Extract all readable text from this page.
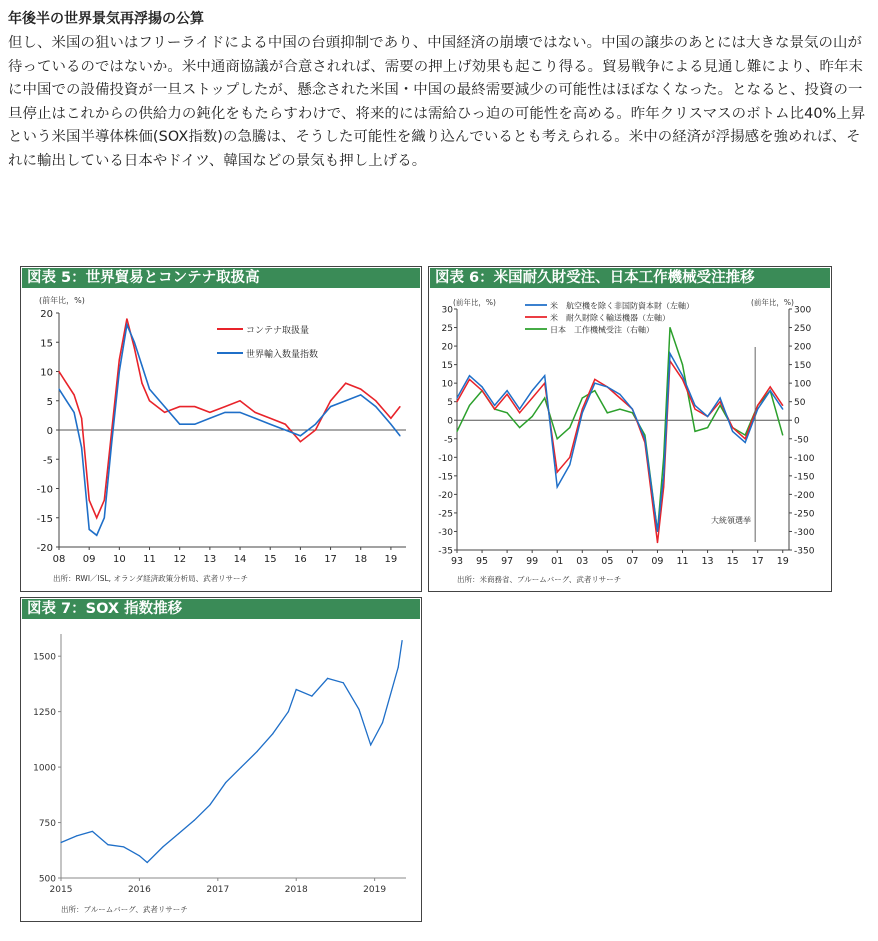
年後半の世界景気再浮揚の公算

但し、米国の狙いはフリーライドによる中国の台頭抑制であり、中国経済の崩壊ではない。中国の譲歩のあとには大きな景気の山が待っているのではないか。米中通商協議が合意されれば、需要の押上げ効果も起こり得る。貿易戦争による見通し難により、昨年末に中国での設備投資が一旦ストップしたが、懸念された米国・中国の最終需要減少の可能性はほぼなくなった。となると、投資の一旦停止はこれからの供給力の鈍化をもたらすわけで、将来的には需給ひっ迫の可能性を高める。昨年クリスマスのボトム比40%上昇という米国半導体株価(SOX指数)の急騰は、そうした可能性を織り込んでいるとも考えられる。米中の経済が浮揚感を強めれば、それに輸出している日本やドイツ、韓国などの景気も押し上げる。

図表 5：世界貿易とコンテナ取扱高
(前年比，%)
20
15
10
5
0
-5
-10
-15
-20
08 09 10 11 12 13 14 15 16 17 18 19
コンテナ取扱量
世界輸入数量指数
出所：RWI／ISL, オランダ経済政策分析局、武者リサーチ
図表 6：米国耐久財受注、日本工作機械受注推移
(前年比，%)	(前年比，%)
30
25
20
15
10
5
0
-5
-10
-15
-20
-25
-30
-35
300
250
200
150
100
50
0
-50
-100
-150
-200
-250
-300
-350
93 95 97 99 01 03 05 07 09 11 13 15 17 19
米　航空機を除く非国防資本財（左軸）
米　耐久財除く輸送機器（左軸）
日本　工作機械受注（右軸）
大統領選挙
出所：米商務省、ブルームバーグ、武者リサーチ
図表 7：SOX 指数推移
1500
1250
1000
750
500
2015	2016	2017	2018	2019
出所：ブルームバーグ、武者リサーチ
